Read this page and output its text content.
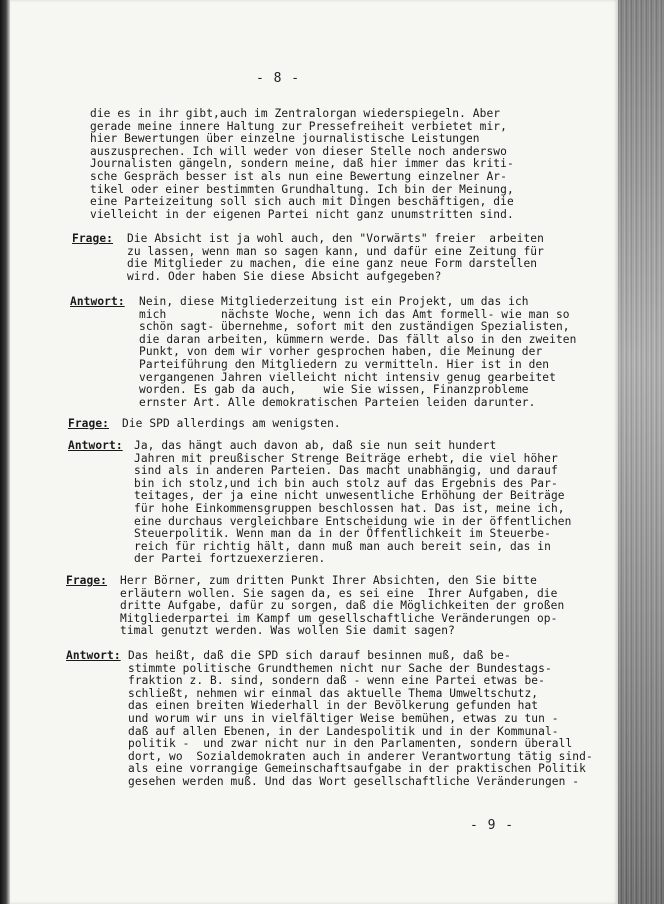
- 8 -
die es in ihr gibt,auch im Zentralorgan wiederspiegeln. Aber
gerade meine innere Haltung zur Pressefreiheit verbietet mir,
hier Bewertungen über einzelne journalistische Leistungen
auszusprechen. Ich will weder von dieser Stelle noch anderswo
Journalisten gängeln, sondern meine, daß hier immer das kriti-
sche Gespräch besser ist als nun eine Bewertung einzelner Ar-
tikel oder einer bestimmten Grundhaltung. Ich bin der Meinung,
eine Parteizeitung soll sich auch mit Dingen beschäftigen, die
vielleicht in der eigenen Partei nicht ganz unumstritten sind.
Frage: Die Absicht ist ja wohl auch, den "Vorwärts" freier  arbeiten
zu lassen, wenn man so sagen kann, und dafür eine Zeitung für
die Mitglieder zu machen, die eine ganz neue Form darstellen
wird. Oder haben Sie diese Absicht aufgegeben?
Antwort: Nein, diese Mitgliederzeitung ist ein Projekt, um das ich
mich        nächste Woche, wenn ich das Amt formell- wie man so
schön sagt- übernehme, sofort mit den zuständigen Spezialisten,
die daran arbeiten, kümmern werde. Das fällt also in den zweiten
Punkt, von dem wir vorher gesprochen haben, die Meinung der
Parteiführung den Mitgliedern zu vermitteln. Hier ist in den
vergangenen Jahren vielleicht nicht intensiv genug gearbeitet
worden. Es gab da auch,    wie Sie wissen, Finanzprobleme
ernster Art. Alle demokratischen Parteien leiden darunter.
Frage: Die SPD allerdings am wenigsten.
Antwort: Ja, das hängt auch davon ab, daß sie nun seit hundert
Jahren mit preußischer Strenge Beiträge erhebt, die viel höher
sind als in anderen Parteien. Das macht unabhängig, und darauf
bin ich stolz,und ich bin auch stolz auf das Ergebnis des Par-
teitages, der ja eine nicht unwesentliche Erhöhung der Beiträge
für hohe Einkommensgruppen beschlossen hat. Das ist, meine ich,
eine durchaus vergleichbare Entscheidung wie in der öffentlichen
Steuerpolitik. Wenn man da in der Öffentlichkeit im Steuerbe-
reich für richtig hält, dann muß man auch bereit sein, das in
der Partei fortzuexerzieren.
Frage: Herr Börner, zum dritten Punkt Ihrer Absichten, den Sie bitte
erläutern wollen. Sie sagen da, es sei eine  Ihrer Aufgaben, die
dritte Aufgabe, dafür zu sorgen, daß die Möglichkeiten der großen
Mitgliederpartei im Kampf um gesellschaftliche Veränderungen op-
timal genutzt werden. Was wollen Sie damit sagen?
Antwort: Das heißt, daß die SPD sich darauf besinnen muß, daß be-
stimmte politische Grundthemen nicht nur Sache der Bundestags-
fraktion z. B. sind, sondern daß - wenn eine Partei etwas be-
schließt, nehmen wir einmal das aktuelle Thema Umweltschutz,
das einen breiten Wiederhall in der Bevölkerung gefunden hat
und worum wir uns in vielfältiger Weise bemühen, etwas zu tun -
daß auf allen Ebenen, in der Landespolitik und in der Kommunal-
politik -  und zwar nicht nur in den Parlamenten, sondern überall
dort, wo  Sozialdemokraten auch in anderer Verantwortung tätig sind-
als eine vorrangige Gemeinschaftsaufgabe in der praktischen Politik
gesehen werden muß. Und das Wort gesellschaftliche Veränderungen -
- 9 -
